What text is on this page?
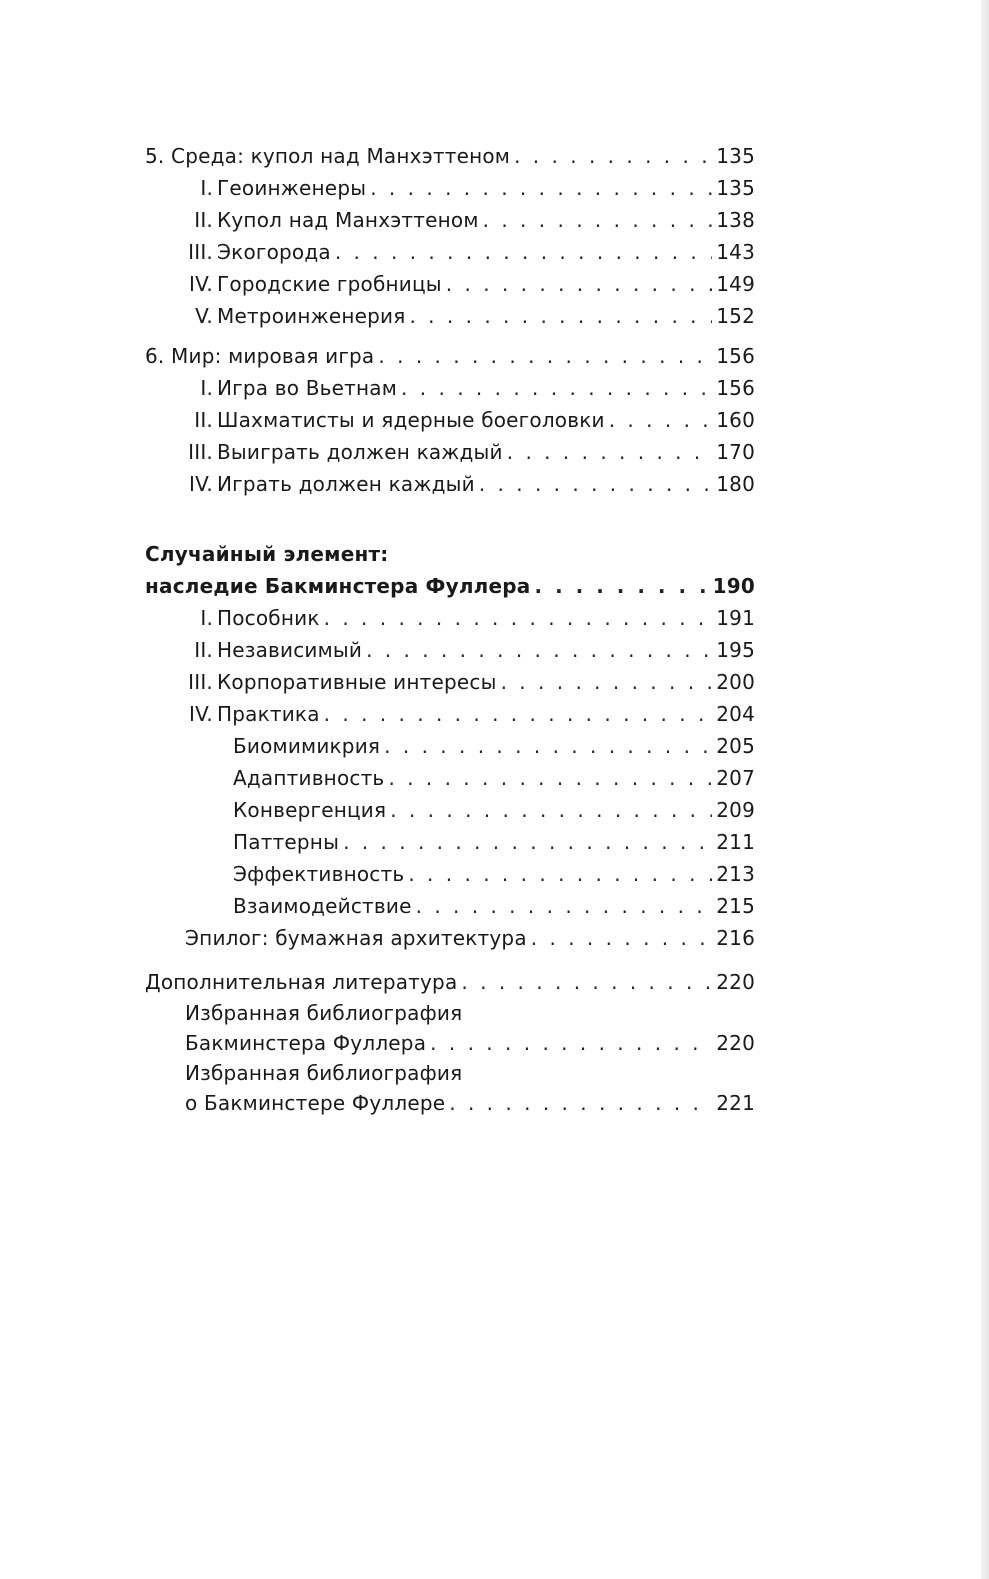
5. Среда: купол над Манхэттеном . . .	135
I. Геоинженеры . . .	135
II. Купол над Манхэттеном . . .	138
III. Экогорода . . .	143
IV. Городские гробницы . . .	149
V. Метроинженерия . . .	152
6. Мир: мировая игра . . .	156
I. Игра во Вьетнам . . .	156
II. Шахматисты и ядерные боеголовки . . .	160
III. Выиграть должен каждый . . .	170
IV. Играть должен каждый . . .	180
Случайный элемент:
наследие Бакминстера Фуллера . . .	190
I. Пособник . . .	191
II. Независимый . . .	195
III. Корпоративные интересы . . .	200
IV. Практика . . .	204
Биомимикрия . . .	205
Адаптивность . . .	207
Конвергенция . . .	209
Паттерны . . .	211
Эффективность . . .	213
Взаимодействие . . .	215
Эпилог: бумажная архитектура . . .	216
Дополнительная литература . . .	220
Избранная библиография
Бакминстера Фуллера . . .	220
Избранная библиография
о Бакминстере Фуллере . . .	221
